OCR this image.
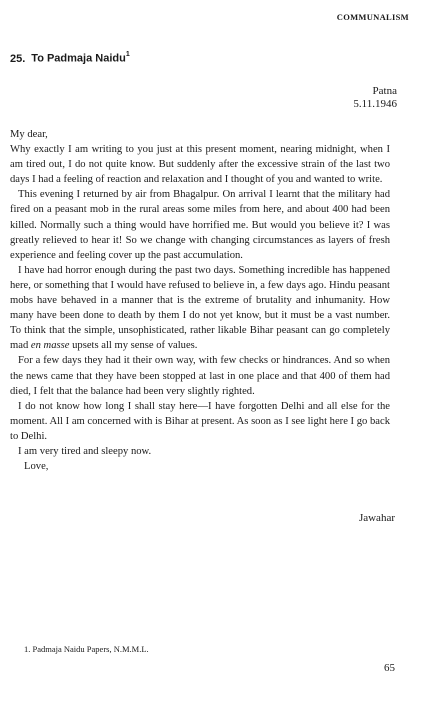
COMMUNALISM
25. To Padmaja Naidu$^1$
Patna
5.11.1946

My dear,

Why exactly I am writing to you just at this present moment, nearing midnight, when I am tired out, I do not quite know. But suddenly after the excessive strain of the last two days I had a feeling of reaction and relaxation and I thought of you and wanted to write.

This evening I returned by air from Bhagalpur. On arrival I learnt that the military had fired on a peasant mob in the rural areas some miles from here, and about 400 had been killed. Normally such a thing would have horrified me. But would you believe it? I was greatly relieved to hear it! So we change with changing circumstances as layers of fresh experience and feeling cover up the past accumulation.

I have had horror enough during the past two days. Something incredible has happened here, or something that I would have refused to believe in, a few days ago. Hindu peasant mobs have behaved in a manner that is the extreme of brutality and inhumanity. How many have been done to death by them I do not yet know, but it must be a vast number. To think that the simple, unsophisticated, rather likable Bihar peasant can go completely mad en masse upsets all my sense of values.

For a few days they had it their own way, with few checks or hindrances. And so when the news came that they have been stopped at last in one place and that 400 of them had died, I felt that the balance had been very slightly righted.

I do not know how long I shall stay here—I have forgotten Delhi and all else for the moment. All I am concerned with is Bihar at present. As soon as I see light here I go back to Delhi.

I am very tired and sleepy now.

Love,

Jawahar
1. Padmaja Naidu Papers, N.M.M.L.
65
